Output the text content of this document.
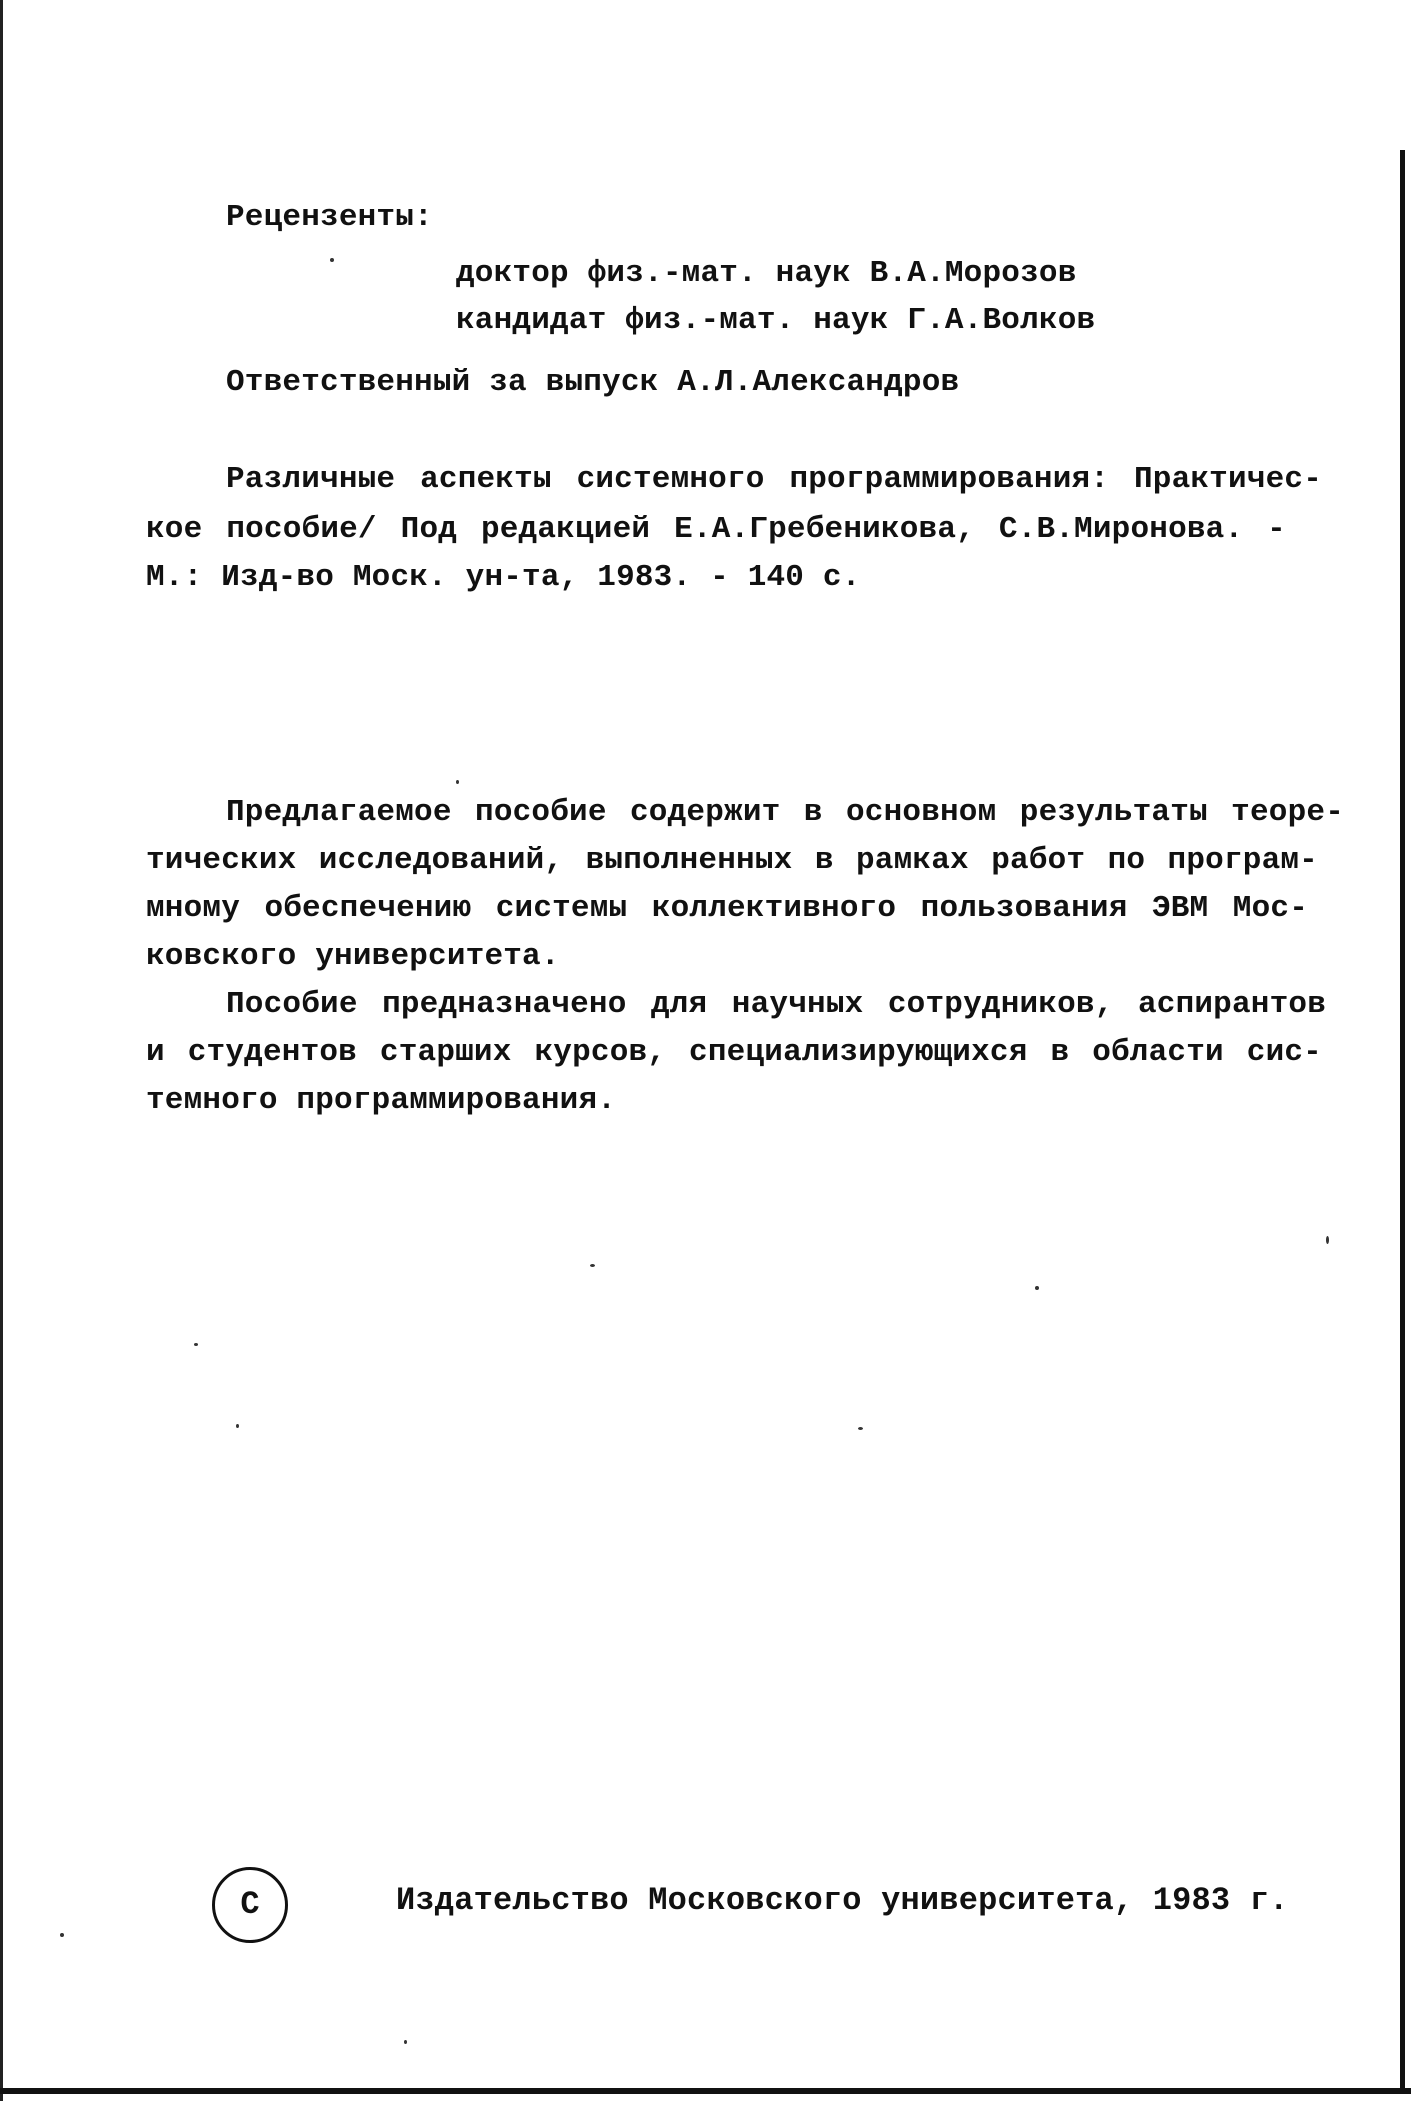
Рецензенты:
доктор физ.-мат. наук В.А.Морозов
кандидат физ.-мат. наук Г.А.Волков
Ответственный за выпуск А.Л.Александров
Различные аспекты системного программирования: Практичес-
кое пособие/ Под редакцией Е.А.Гребеникова, С.В.Миронова. -
М.: Изд-во Моск. ун-та, 1983. - 140 с.
Предлагаемое пособие содержит в основном результаты теоре-
тических исследований, выполненных в рамках работ по програм-
мному обеспечению системы коллективного пользования ЭВМ Мос-
ковского университета.
Пособие предназначено для научных сотрудников, аспирантов
и студентов старших курсов, специализирующихся в области сис-
темного программирования.
С	Издательство Московского университета, 1983 г.
